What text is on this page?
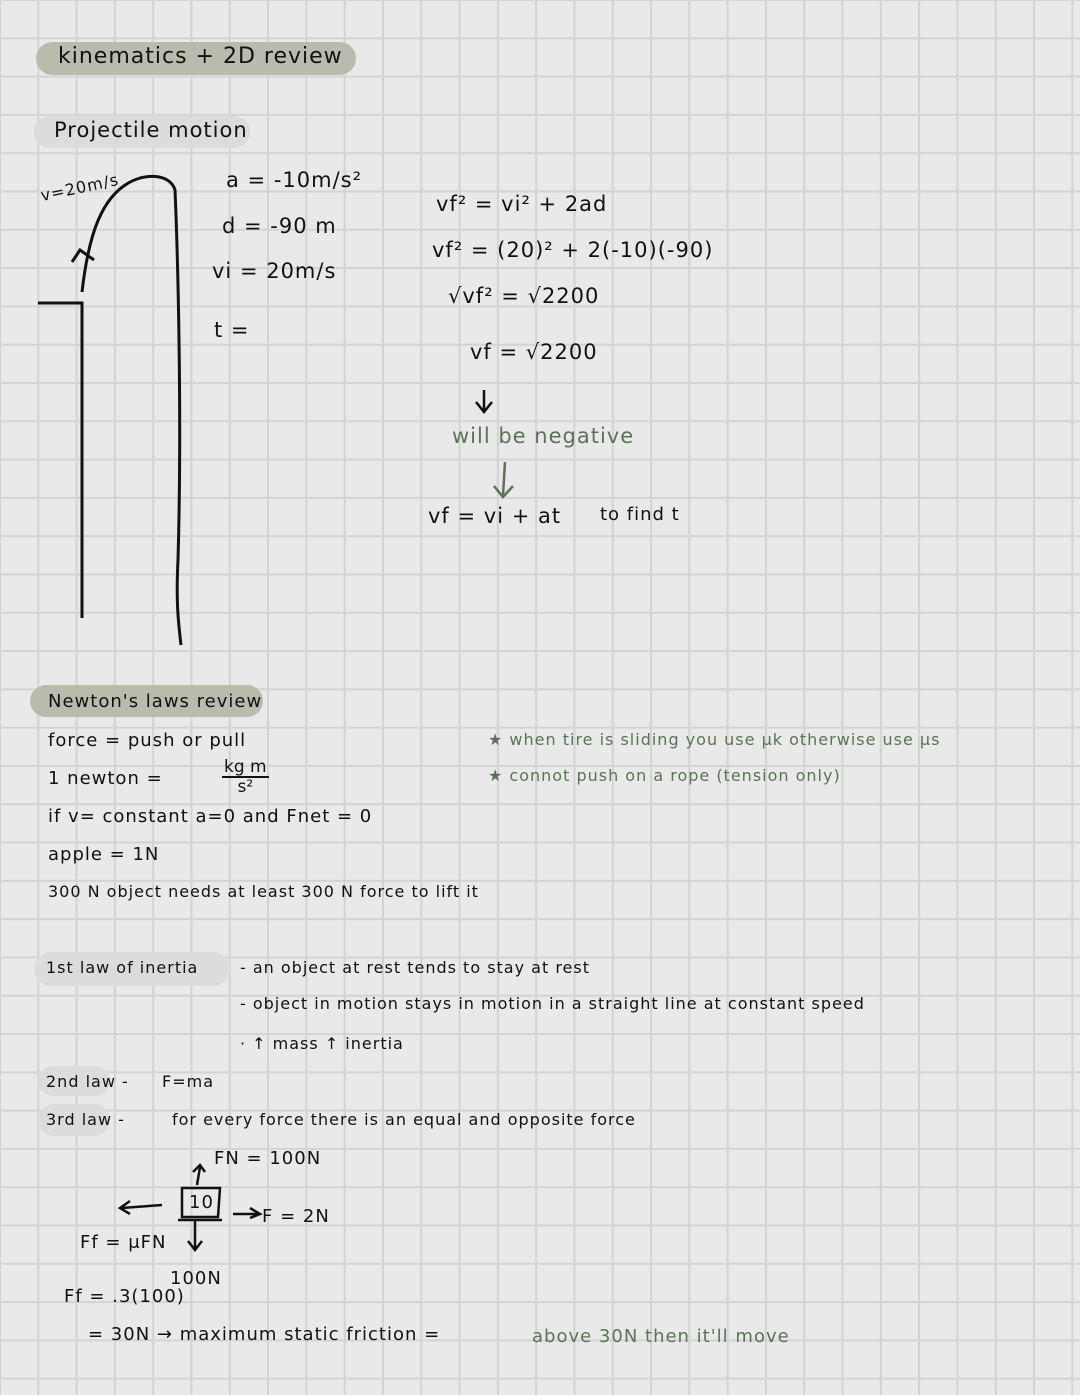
kinematics + 2D review
Projectile motion
v=20m/s	a = -10m/s²
d = -90 m
vi = 20m/s
t =
vf² = vi² + 2ad
vf² = (20)² + 2(-10)(-90)
√vf² = √2200
vf = √2200
will be negative
vf = vi + at to find t
Newton's laws review
force = push or pull
1 newton =	$\frac{\text{kg m}}{\text{s²}}$
if v= constant a=0 and Fnet = 0
apple = 1N
300 N object needs at least 300 N force to lift it
★ when tire is sliding you use μk otherwise use μs
★ connot push on a rope (tension only)
1st law of inertia	- an object at rest tends to stay at rest
- object in motion stays in motion in a straight line at constant speed
· ↑ mass ↑ inertia
2nd law - F=ma
3rd law -	for every force there is an equal and opposite force
10
FN = 100N
F = 2N
Ff = μFN
100N
Ff = .3(100)
= 30N → maximum static friction =	above 30N then it'll move
